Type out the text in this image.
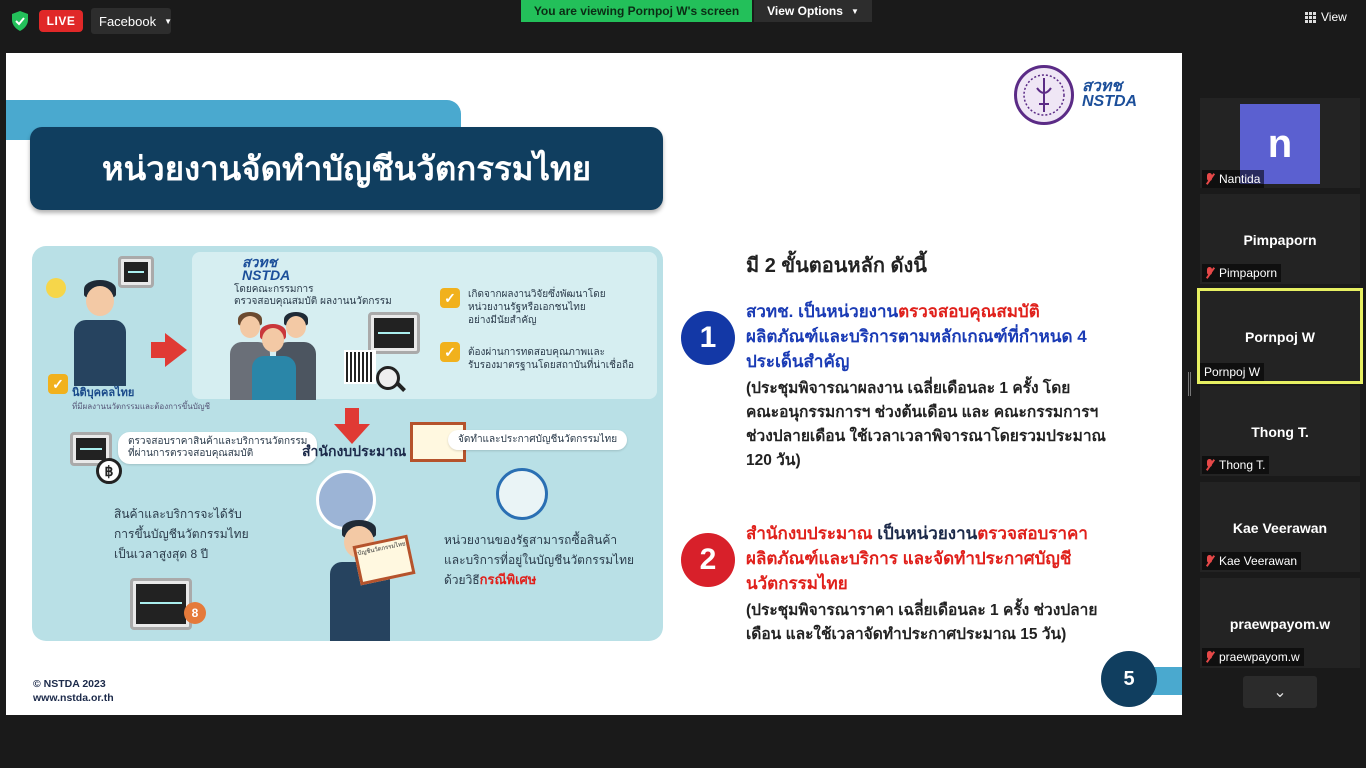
LIVE	Facebook ▼
You are viewing Pornpoj W's screen	View Options ▼	View
หน่วยงานจัดทำบัญชีนวัตกรรมไทย
สวทช
NSTDA
✓
นิติบุคคลไทย
ที่มีผลงานนวัตกรรมและต้องการขึ้นบัญชี
สวทช
NSTDA
โดยคณะกรรมการ
ตรวจสอบคุณสมบัติ ผลงานนวัตกรรม	✓	เกิดจากผลงานวิจัยซึ่งพัฒนาโดย
หน่วยงานรัฐหรือเอกชนไทย
อย่างมีนัยสำคัญ
✓	ต้องผ่านการทดสอบคุณภาพและ
รับรองมาตรฐานโดยสถาบันที่น่าเชื่อถือ
฿
ตรวจสอบราคาสินค้าและบริการนวัตกรรม
ที่ผ่านการตรวจสอบคุณสมบัติ	สำนักงบประมาณ
จัดทำและประกาศบัญชีนวัตกรรมไทย
สินค้าและบริการจะได้รับ
การขึ้นบัญชีนวัตกรรมไทย
เป็นเวลาสูงสุด 8 ปี
8
บัญชีนวัตกรรมไทย
หน่วยงานของรัฐสามารถซื้อสินค้า
และบริการที่อยู่ในบัญชีนวัตกรรมไทย
ด้วยวิธีกรณีพิเศษ
มี 2 ขั้นตอนหลัก ดังนี้
1
สวทช. เป็นหน่วยงานตรวจสอบคุณสมบัติ
ผลิตภัณฑ์และบริการตามหลักเกณฑ์ที่กำหนด 4
ประเด็นสำคัญ
(ประชุมพิจารณาผลงาน เฉลี่ยเดือนละ 1 ครั้ง โดย
คณะอนุกรรมการฯ ช่วงต้นเดือน และ คณะกรรมการฯ
ช่วงปลายเดือน ใช้เวลาเวลาพิจารณาโดยรวมประมาณ
120 วัน)
2
สำนักงบประมาณ เป็นหน่วยงานตรวจสอบราคา
ผลิตภัณฑ์และบริการ และจัดทำประกาศบัญชี
นวัตกรรมไทย
(ประชุมพิจารณาราคา เฉลี่ยเดือนละ 1 ครั้ง ช่วงปลาย
เดือน และใช้เวลาจัดทำประกาศประมาณ 15 วัน)
© NSTDA 2023
www.nstda.or.th
5
n
Nantida
Pimpaporn
Pimpaporn
Pornpoj W
Pornpoj W
Thong T.
Thong T.
Kae Veerawan
Kae Veerawan
praewpayom.w
praewpayom.w
⌄
